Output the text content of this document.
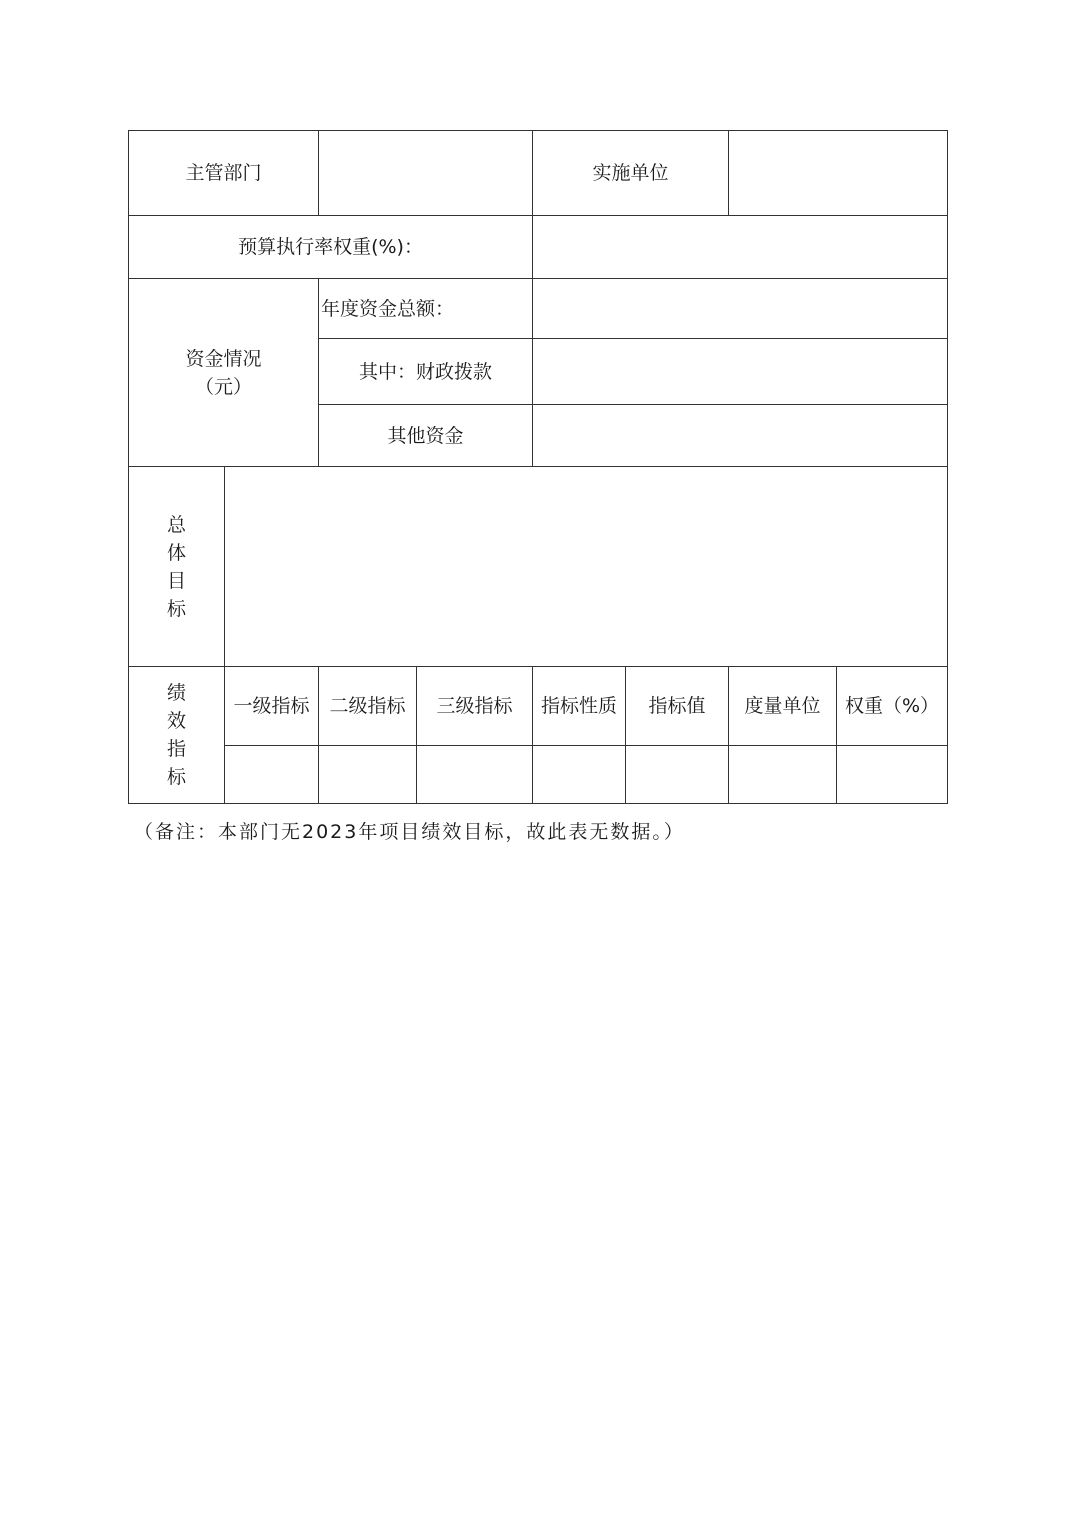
主管部门				实施单位			
预算执行率权重(%)：							

资金情况
（元）		年度资金总额：					
		其中：财政拨款					
		其他资金					
总体目标							
绩效指标	一级指标	二级指标	三级指标	指标性质	指标值	度量单位	权重（%）

（备注：本部门无2023年项目绩效目标，故此表无数据。）
